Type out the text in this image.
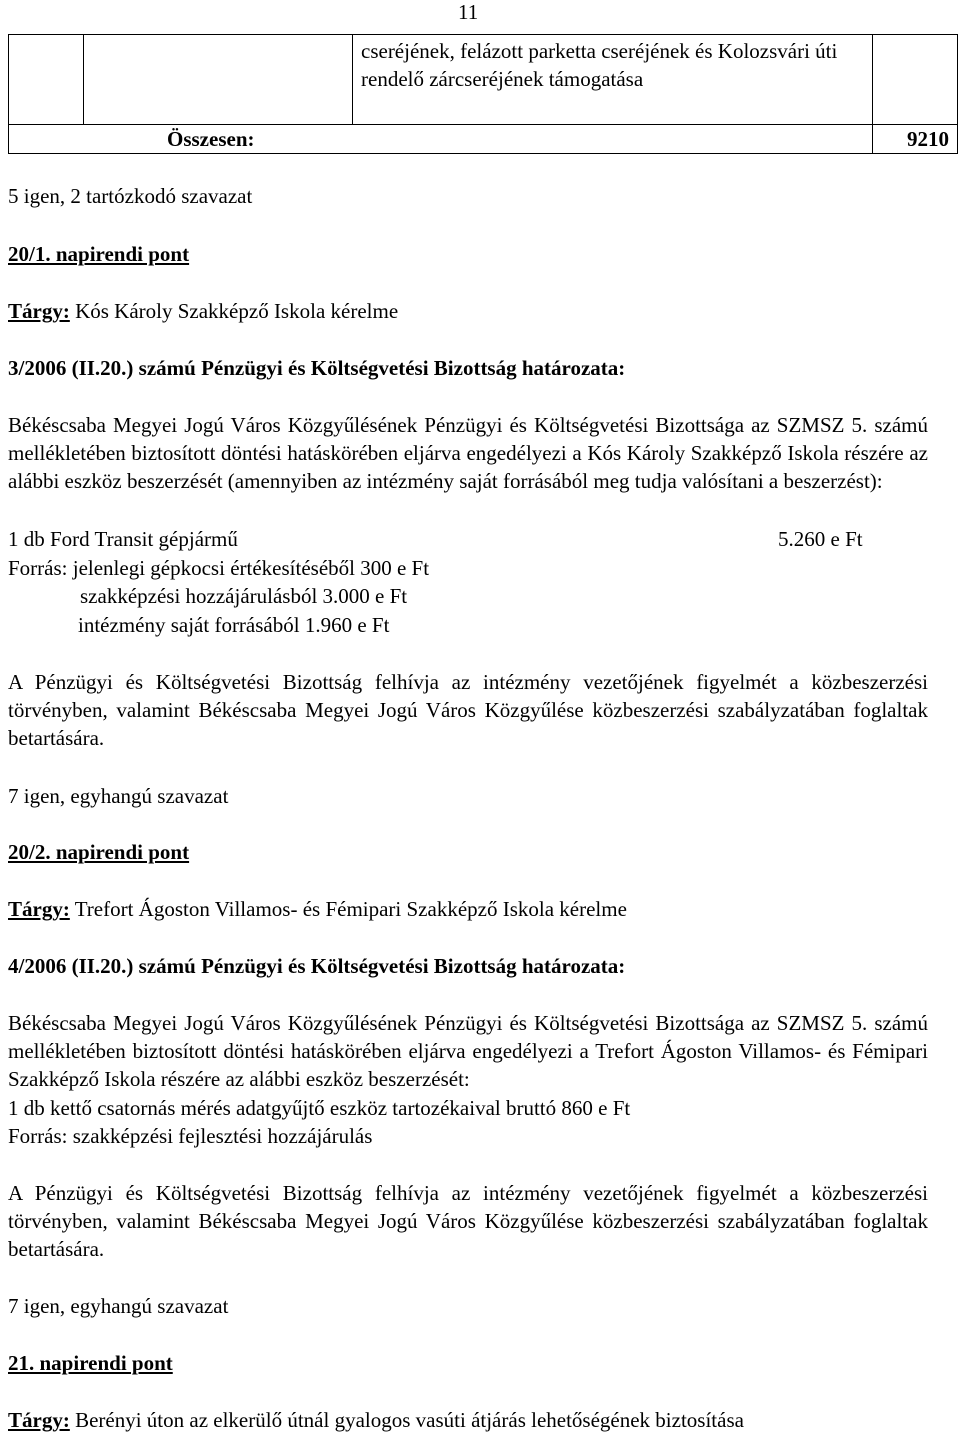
11
		cseréjének, felázott parketta cseréjének és Kolozsvári úti rendelő zárcseréjének támogatása	
Összesen:			9210

5 igen, 2 tartózkodó szavazat

20/1. napirendi pont

Tárgy: Kós Károly Szakképző Iskola kérelme

3/2006 (II.20.) számú Pénzügyi és Költségvetési Bizottság határozata:

Békéscsaba Megyei Jogú Város Közgyűlésének Pénzügyi és Költségvetési Bizottsága az SZMSZ 5. számú mellékletében biztosított döntési hatáskörében eljárva engedélyezi a Kós Károly Szakképző Iskola részére az alábbi eszköz beszerzését (amennyiben az intézmény saját forrásából meg tudja valósítani a beszerzést):

1 db Ford Transit gépjármű	5.260 e Ft

Forrás: jelenlegi gépkocsi értékesítéséből 300 e Ft

szakképzési hozzájárulásból 3.000 e Ft

intézmény saját forrásából 1.960 e Ft

A Pénzügyi és Költségvetési Bizottság felhívja az intézmény vezetőjének figyelmét a közbeszerzési törvényben, valamint Békéscsaba Megyei Jogú Város Közgyűlése közbeszerzési szabályzatában foglaltak betartására.

7 igen, egyhangú szavazat

20/2. napirendi pont

Tárgy: Trefort Ágoston Villamos- és Fémipari Szakképző Iskola kérelme

4/2006 (II.20.) számú Pénzügyi és Költségvetési Bizottság határozata:

Békéscsaba Megyei Jogú Város Közgyűlésének Pénzügyi és Költségvetési Bizottsága az SZMSZ 5. számú mellékletében biztosított döntési hatáskörében eljárva engedélyezi a Trefort Ágoston Villamos- és Fémipari Szakképző Iskola részére az alábbi eszköz beszerzését:

1 db kettő csatornás mérés adatgyűjtő eszköz tartozékaival bruttó 860 e Ft

Forrás: szakképzési fejlesztési hozzájárulás

A Pénzügyi és Költségvetési Bizottság felhívja az intézmény vezetőjének figyelmét a közbeszerzési törvényben, valamint Békéscsaba Megyei Jogú Város Közgyűlése közbeszerzési szabályzatában foglaltak betartására.

7 igen, egyhangú szavazat

21. napirendi pont

Tárgy: Berényi úton az elkerülő útnál gyalogos vasúti átjárás lehetőségének biztosítása
